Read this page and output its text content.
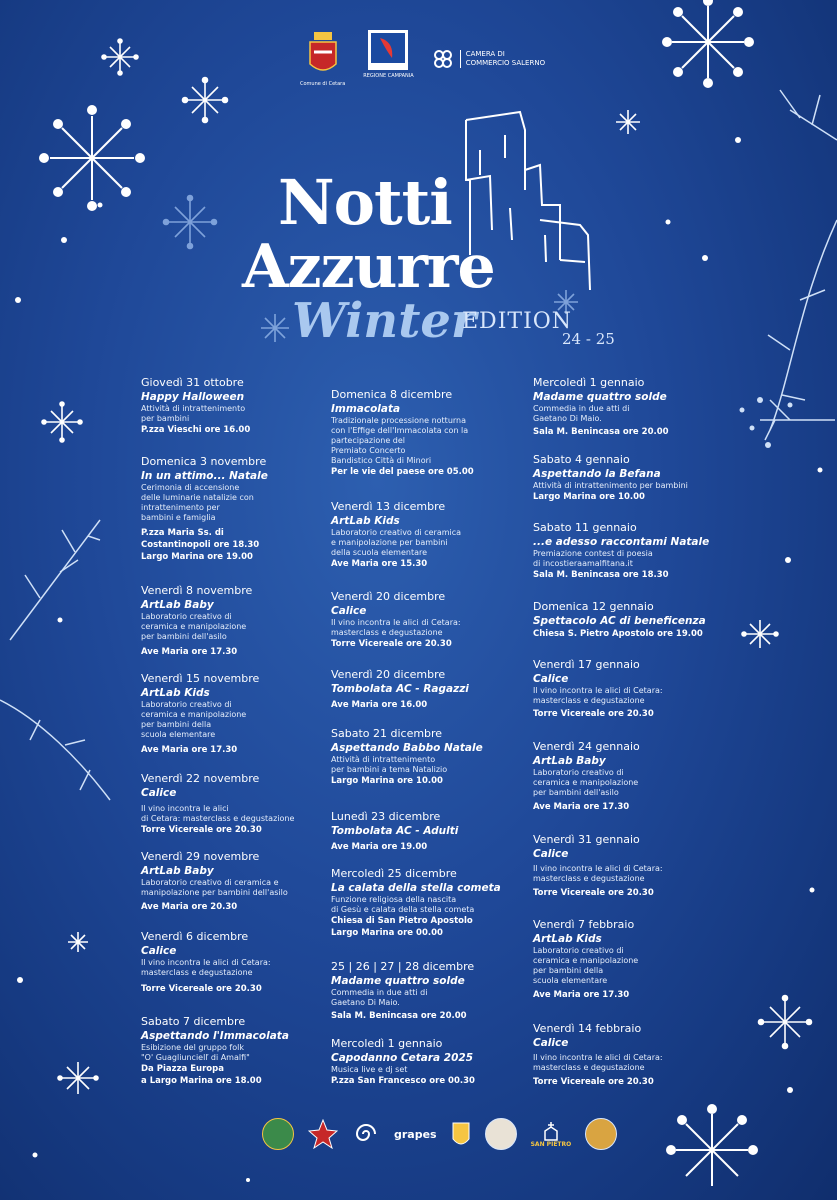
Comune di Cetara
REGIONE CAMPANIA
CAMERA DI COMMERCIO SALERNO
Notti
Azzurre
Winter
EDITION
24 - 25
Giovedì 31 ottobre
Happy Halloween
Attività di intrattenimento
per bambini
P.zza Vieschi ore 16.00
Domenica 3 novembre
In un attimo... Natale
Cerimonia di accensione
delle luminarie natalizie con
intrattenimento per
bambini e famiglia
P.zza Maria Ss. di
Costantinopoli ore 18.30
Largo Marina ore 19.00
Venerdì 8 novembre
ArtLab Baby
Laboratorio creativo di
ceramica e manipolazione
per bambini dell'asilo
Ave Maria ore 17.30
Venerdì 15 novembre
ArtLab Kids
Laboratorio creativo di
ceramica e manipolazione
per bambini della
scuola elementare
Ave Maria ore 17.30
Venerdì 22 novembre
Calice
Il vino incontra le alici
di Cetara: masterclass e degustazione
Torre Vicereale ore 20.30
Venerdì 29 novembre
ArtLab Baby
Laboratorio creativo di ceramica e
manipolazione per bambini dell'asilo
Ave Maria ore 20.30
Venerdì 6 dicembre
Calice
Il vino incontra le alici di Cetara:
masterclass e degustazione
Torre Vicereale ore 20.30
Sabato 7 dicembre
Aspettando l'Immacolata
Esibizione del gruppo folk
"O' Guagliuncielľ di Amalfi"
Da Piazza Europa
a Largo Marina ore 18.00
Domenica 8 dicembre
Immacolata
Tradizionale processione notturna
con l'Effige dell'Immacolata con la
partecipazione del
Premiato Concerto
Bandistico Città di Minori
Per le vie del paese ore 05.00
Venerdì 13 dicembre
ArtLab Kids
Laboratorio creativo di ceramica
e manipolazione per bambini
della scuola elementare
Ave Maria ore 15.30
Venerdì 20 dicembre
Calice
Il vino incontra le alici di Cetara:
masterclass e degustazione
Torre Vicereale ore 20.30
Venerdì 20 dicembre
Tombolata AC - Ragazzi
Ave Maria ore 16.00
Sabato 21 dicembre
Aspettando Babbo Natale
Attività di intrattenimento
per bambini a tema Natalizio
Largo Marina ore 10.00
Lunedì 23 dicembre
Tombolata AC - Adulti
Ave Maria ore 19.00
Mercoledì 25 dicembre
La calata della stella cometa
Funzione religiosa della nascita
di Gesù e calata della stella cometa
Chiesa di San Pietro Apostolo
Largo Marina ore 00.00
25 | 26 | 27 | 28 dicembre
Madame quattro solde
Commedia in due atti di
Gaetano Di Maio.
Sala M. Benincasa ore 20.00
Mercoledì 1 gennaio
Capodanno Cetara 2025
Musica live e dj set
P.zza San Francesco ore 00.30
Mercoledì 1 gennaio
Madame quattro solde
Commedia in due atti di
Gaetano Di Maio.
Sala M. Benincasa ore 20.00
Sabato 4 gennaio
Aspettando la Befana
Attività di intrattenimento per bambini
Largo Marina ore 10.00
Sabato 11 gennaio
...e adesso raccontami Natale
Premiazione contest di poesia
di incostieraamalfitana.it
Sala M. Benincasa ore 18.30
Domenica 12 gennaio
Spettacolo AC di beneficenza
Chiesa S. Pietro Apostolo ore 19.00
Venerdì 17 gennaio
Calice
Il vino incontra le alici di Cetara:
masterclass e degustazione
Torre Vicereale ore 20.30
Venerdì 24 gennaio
ArtLab Baby
Laboratorio creativo di
ceramica e manipolazione
per bambini dell'asilo
Ave Maria ore 17.30
Venerdì 31 gennaio
Calice
Il vino incontra le alici di Cetara:
masterclass e degustazione
Torre Vicereale ore 20.30
Venerdì 7 febbraio
ArtLab Kids
Laboratorio creativo di
ceramica e manipolazione
per bambini della
scuola elementare
Ave Maria ore 17.30
Venerdì 14 febbraio
Calice
Il vino incontra le alici di Cetara:
masterclass e degustazione
Torre Vicereale ore 20.30
grapes
SAN PIETRO
